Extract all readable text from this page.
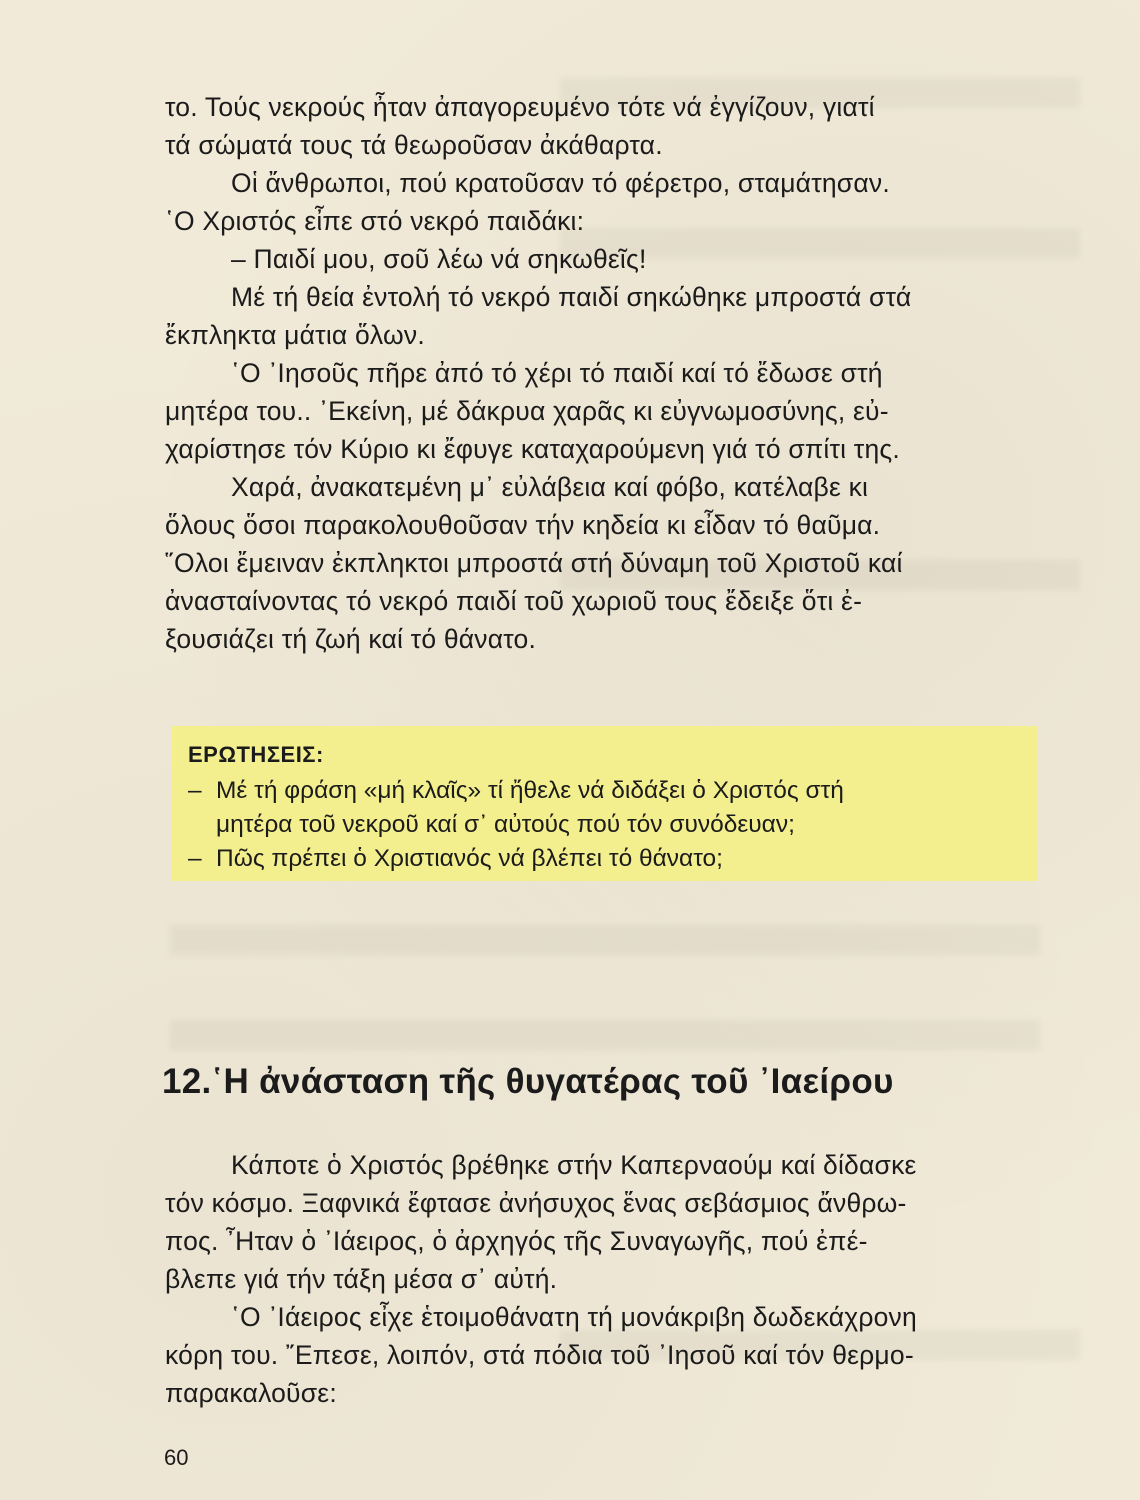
το. Τούς νεκρούς ἦταν ἀπαγορευμένο τότε νά ἐγγίζουν, γιατί
τά σώματά τους τά θεωροῦσαν ἀκάθαρτα.

Οἱ ἄνθρωποι, πού κρατοῦσαν τό φέρετρο, σταμάτησαν.
῾Ο Χριστός εἶπε στό νεκρό παιδάκι:

– Παιδί μου, σοῦ λέω νά σηκωθεῖς!

Μέ τή θεία ἐντολή τό νεκρό παιδί σηκώθηκε μπροστά στά
ἔκπληκτα μάτια ὅλων.

῾Ο ᾿Ιησοῦς πῆρε ἀπό τό χέρι τό παιδί καί τό ἔδωσε στή
μητέρα του.. ᾿Εκείνη, μέ δάκρυα χαρᾶς κι εὐγνωμοσύνης, εὐ-
χαρίστησε τόν Κύριο κι ἔφυγε καταχαρούμενη γιά τό σπίτι της.

Χαρά, ἀνακατεμένη μ᾿ εὐλάβεια καί φόβο, κατέλαβε κι
ὅλους ὅσοι παρακολουθοῦσαν τήν κηδεία κι εἶδαν τό θαῦμα.
῞Ολοι ἔμειναν ἐκπληκτοι μπροστά στή δύναμη τοῦ Χριστοῦ καί
ἀνασταίνοντας τό νεκρό παιδί τοῦ χωριοῦ τους ἔδειξε ὅτι ἐ-
ξουσιάζει τή ζωή καί τό θάνατο.

ΕΡΩΤΗΣΕΙΣ:

– Μέ τή φράση «μή κλαῖς» τί ἤθελε νά διδάξει ὁ Χριστός στή
μητέρα τοῦ νεκροῦ καί σ᾿ αὐτούς πού τόν συνόδευαν;

– Πῶς πρέπει ὁ Χριστιανός νά βλέπει τό θάνατο;

12.῾Η ἀνάσταση τῆς θυγατέρας τοῦ ᾿Ιαείρου

Κάποτε ὁ Χριστός βρέθηκε στήν Καπερναούμ καί δίδασκε
τόν κόσμο. Ξαφνικά ἔφτασε ἀνήσυχος ἕνας σεβάσμιος ἄνθρω-
πος. ῏Ηταν ὁ ᾿Ιάειρος, ὁ ἀρχηγός τῆς Συναγωγῆς, πού ἐπέ-
βλεπε γιά τήν τάξη μέσα σ᾿ αὐτή.

῾Ο ᾿Ιάειρος εἶχε ἑτοιμοθάνατη τή μονάκριβη δωδεκάχρονη
κόρη του. ῎Επεσε, λοιπόν, στά πόδια τοῦ ᾿Ιησοῦ καί τόν θερμο-
παρακαλοῦσε:

60
